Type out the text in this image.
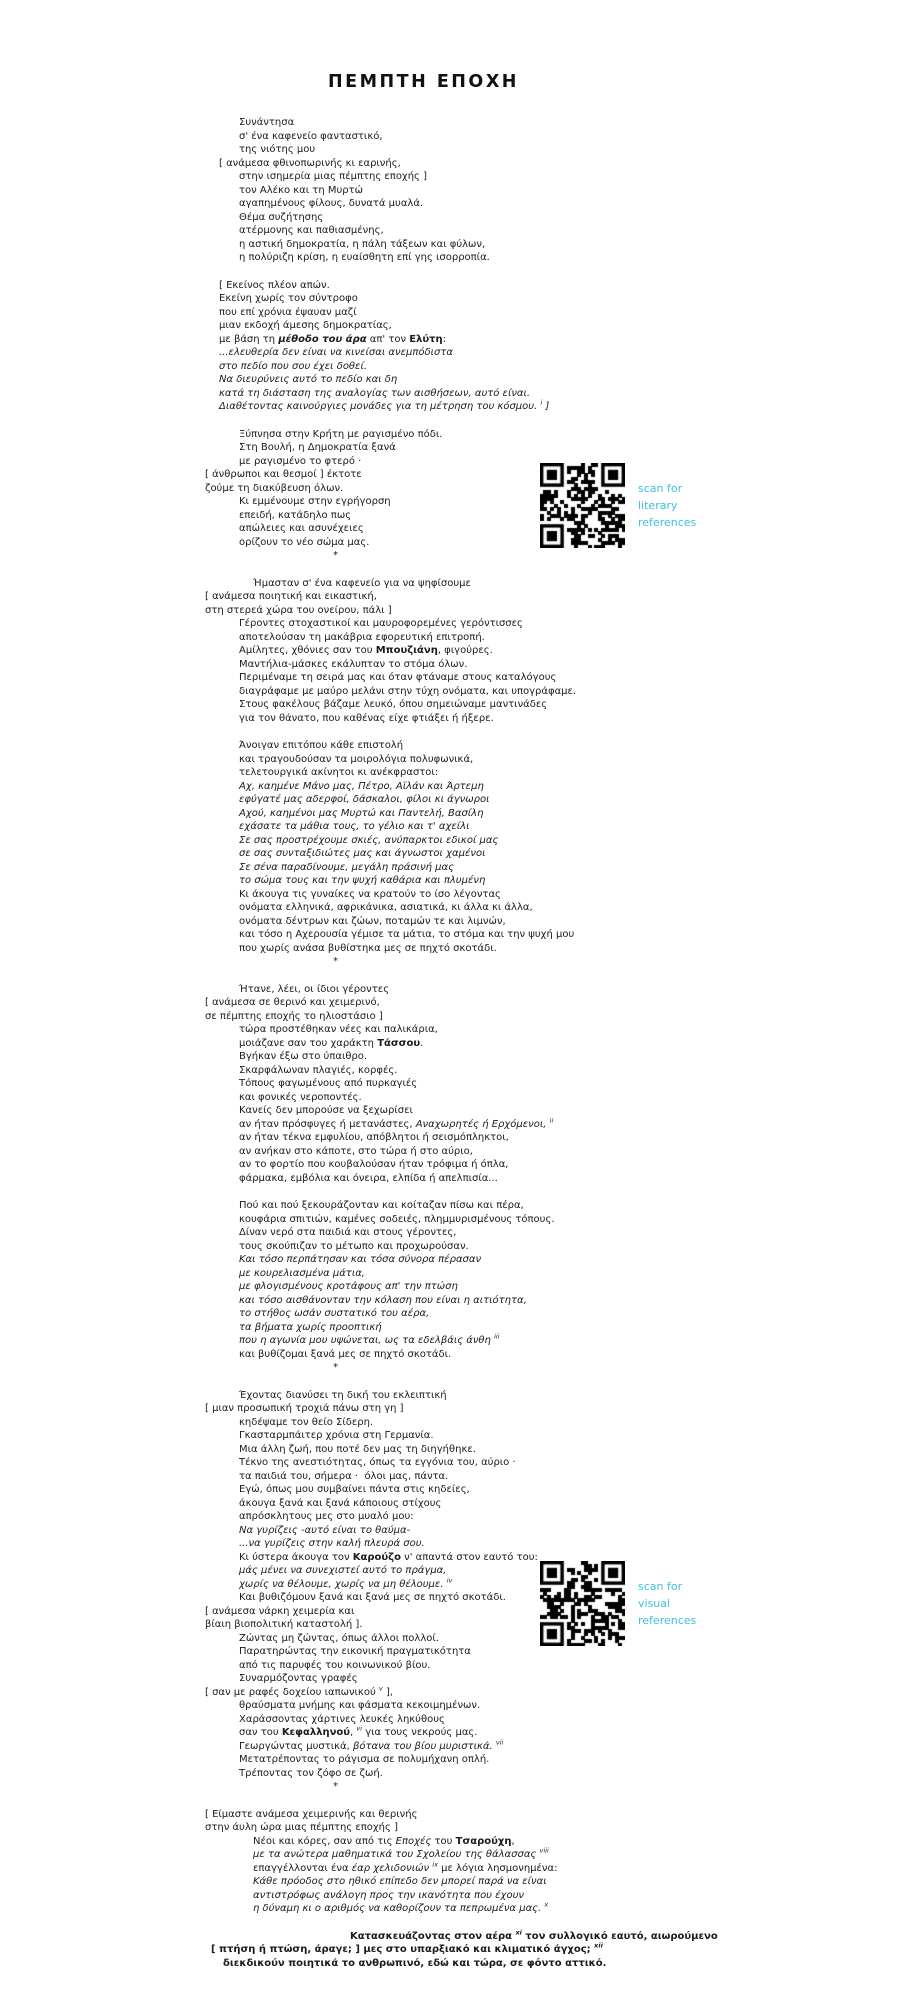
ΠΕΜΠΤΗ ΕΠΟΧΗ
Συνάντησα
σ' ένα καφενείο φανταστικό,
της νιότης μου
[ ανάμεσα φθινοπωρινής κι εαρινής,
στην ισημερία μιας πέμπτης εποχής ]
τον Αλέκο και τη Μυρτώ
αγαπημένους φίλους, δυνατά μυαλά.
Θέμα συζήτησης
ατέρμονης και παθιασμένης,
η αστική δημοκρατία, η πάλη τάξεων και φύλων,
η πολύριζη κρίση, η ευαίσθητη επί γης ισορροπία.
[ Εκείνος πλέον απών.
Εκείνη χωρίς τον σύντροφο
που επί χρόνια έψαυαν μαζί
μιαν εκδοχή άμεσης δημοκρατίας,
με βάση τη μέθοδο του άρα απ' τον Ελύτη:
...ελευθερία δεν είναι να κινείσαι ανεμπόδιστα
στο πεδίο που σου έχει δοθεί.
Να διευρύνεις αυτό το πεδίο και δη
κατά τη διάσταση της αναλογίας των αισθήσεων, αυτό είναι.
Διαθέτοντας καινούργιες μονάδες για τη μέτρηση του κόσμου. $^i$ ]
Ξύπνησα στην Κρήτη με ραγισμένο πόδι.
Στη Βουλή, η Δημοκρατία ξανά
με ραγισμένο το φτερό ·
[ άνθρωποι και θεσμοί ] έκτοτε
ζούμε τη διακύβευση όλων.
Κι εμμένουμε στην εγρήγορση
επειδή, κατάδηλο πως
απώλειες και ασυνέχειες
ορίζουν το νέο σώμα μας.
*
Ήμασταν σ' ένα καφενείο για να ψηφίσουμε
[ ανάμεσα ποιητική και εικαστική,
στη στερεά χώρα του ονείρου, πάλι ]
Γέροντες στοχαστικοί και μαυροφορεμένες γερόντισσες
αποτελούσαν τη μακάβρια εφορευτική επιτροπή.
Αμίλητες, χθόνιες σαν του Μπουζιάνη, φιγούρες.
Μαντήλια-μάσκες εκάλυπταν το στόμα όλων.
Περιμέναμε τη σειρά μας και όταν φτάναμε στους καταλόγους
διαγράφαμε με μαύρο μελάνι στην τύχη ονόματα, και υπογράφαμε.
Στους φακέλους βάζαμε λευκό, όπου σημειώναμε μαντινάδες
για τον θάνατο, που καθένας είχε φτιάξει ή ήξερε.
Άνοιγαν επιτόπου κάθε επιστολή
και τραγουδούσαν τα μοιρολόγια πολυφωνικά,
τελετουργικά ακίνητοι κι ανέκφραστοι:
Αχ, καημένε Μάνο μας, Πέτρο, Αϊλάν και Άρτεμη
εφύγατέ μας αδερφοί, δάσκαλοι, φίλοι κι άγνωροι
Αχού, καημένοι μας Μυρτώ και Παντελή, Βασίλη
εχάσατε τα μάθια τους, το γέλιο και τ' αχείλι
Σε σας προστρέχουμε σκιές, ανύπαρκτοι εδικοί μας
σε σας συνταξιδιώτες μας και άγνωστοι χαμένοι
Σε σένα παραδίνουμε, μεγάλη πράσινή μας
το σώμα τους και την ψυχή καθάρια και πλυμένη
Κι άκουγα τις γυναίκες να κρατούν το ίσο λέγοντας
ονόματα ελληνικά, αφρικάνικα, ασιατικά, κι άλλα κι άλλα,
ονόματα δέντρων και ζώων, ποταμών τε και λιμνών,
και τόσο η Αχερουσία γέμισε τα μάτια, το στόμα και την ψυχή μου
που χωρίς ανάσα βυθίστηκα μες σε πηχτό σκοτάδι.
*
Ήτανε, λέει, οι ίδιοι γέροντες
[ ανάμεσα σε θερινό και χειμερινό,
σε πέμπτης εποχής το ηλιοστάσιο ]
τώρα προστέθηκαν νέες και παλικάρια,
μοιάζανε σαν του χαράκτη Τάσσου.
Βγήκαν έξω στο ύπαιθρο.
Σκαρφάλωναν πλαγιές, κορφές.
Τόπους φαγωμένους από πυρκαγιές
και φονικές νεροποντές.
Κανείς δεν μπορούσε να ξεχωρίσει
αν ήταν πρόσφυγες ή μετανάστες, Αναχωρητές ή Ερχόμενοι, $^{ii}$
αν ήταν τέκνα εμφυλίου, απόβλητοι ή σεισμόπληκτοι,
αν ανήκαν στο κάποτε, στο τώρα ή στο αύριο,
αν το φορτίο που κουβαλούσαν ήταν τρόφιμα ή όπλα,
φάρμακα, εμβόλια και όνειρα, ελπίδα ή απελπισία...
Πού και πού ξεκουράζονταν και κοίταζαν πίσω και πέρα,
κουφάρια σπιτιών, καμένες σοδειές, πλημμυρισμένους τόπους.
Δίναν νερό στα παιδιά και στους γέροντες,
τους σκούπιζαν το μέτωπο και προχωρούσαν.
Και τόσο περπάτησαν και τόσα σύνορα πέρασαν
με κουρελιασμένα μάτια,
με φλογισμένους κροτάφους απ' την πτώση
και τόσο αισθάνονταν την κόλαση που είναι η αιτιότητα,
το στήθος ωσάν συστατικό του αέρα,
τα βήματα χωρίς προοπτική
που η αγωνία μου υψώνεται, ως τα εδελβάις άνθη $^{iii}$
και βυθίζομαι ξανά μες σε πηχτό σκοτάδι.
*
Έχοντας διανύσει τη δική του εκλειπτική
[ μιαν προσωπική τροχιά πάνω στη γη ]
κηδέψαμε τον θείο Σίδερη.
Γκασταρμπάιτερ χρόνια στη Γερμανία.
Μια άλλη ζωή, που ποτέ δεν μας τη διηγήθηκε.
Τέκνο της ανεστιότητας, όπως τα εγγόνια του, αύριο ·
τα παιδιά του, σήμερα ·  όλοι μας, πάντα.
Εγώ, όπως μου συμβαίνει πάντα στις κηδείες,
άκουγα ξανά και ξανά κάποιους στίχους
απρόσκλητους μες στο μυαλό μου:
Να γυρίζεις -αυτό είναι το θαύμα-
...να γυρίζεις στην καλή πλευρά σου.
Κι ύστερα άκουγα τον Καρούζο ν' απαντά στον εαυτό του:
μάς μένει να συνεχιστεί αυτό το πράγμα,
χωρίς να θέλουμε, χωρίς να μη θέλουμε. $^{iv}$
Και βυθιζόμουν ξανά και ξανά μες σε πηχτό σκοτάδι.
[ ανάμεσα νάρκη χειμερία και
βίαιη βιοπολιτική καταστολή ].
Ζώντας μη ζώντας, όπως άλλοι πολλοί.
Παρατηρώντας την εικονική πραγματικότητα
από τις παρυφές του κοινωνικού βίου.
Συναρμόζοντας γραφές
[ σαν με ραφές δοχείου ιαπωνικού $^v$ ],
θραύσματα μνήμης και φάσματα κεκοιμημένων.
Χαράσσοντας χάρτινες λευκές ληκύθους
σαν του Κεφαλληνού, $^{vi}$ για τους νεκρούς μας.
Γεωργώντας μυστικά, βότανα του βίου μυριστικά. $^{vii}$
Μετατρέποντας το ράγισμα σε πολυμήχανη οπλή.
Τρέποντας τον ζόφο σε ζωή.
*
[ Είμαστε ανάμεσα χειμερινής και θερινής
στην άυλη ώρα μιας πέμπτης εποχής ]
Νέοι και κόρες, σαν από τις Εποχές του Τσαρούχη,
με τα ανώτερα μαθηματικά του Σχολείου της θάλασσας $^{viii}$
επαγγέλλονται ένα έαρ χελιδονιών $^{ix}$ με λόγια λησμονημένα:
Κάθε πρόοδος στο ηθικό επίπεδο δεν μπορεί παρά να είναι
αντιστρόφως ανάλογη προς την ικανότητα που έχουν
η δύναμη κι ο αριθμός να καθορίζουν τα πεπρωμένα μας. $^x$
Κατασκευάζοντας στον αέρα $^{xi}$ τον συλλογικό εαυτό, αιωρούμενο
[ πτήση ή πτώση, άραγε; ] μες στο υπαρξιακό και κλιματικό άγχος; $^{xii}$
διεκδικούν ποιητικά το ανθρωπινό, εδώ και τώρα, σε φόντο αττικό.
scan for
literary
references
scan for
visual
references
